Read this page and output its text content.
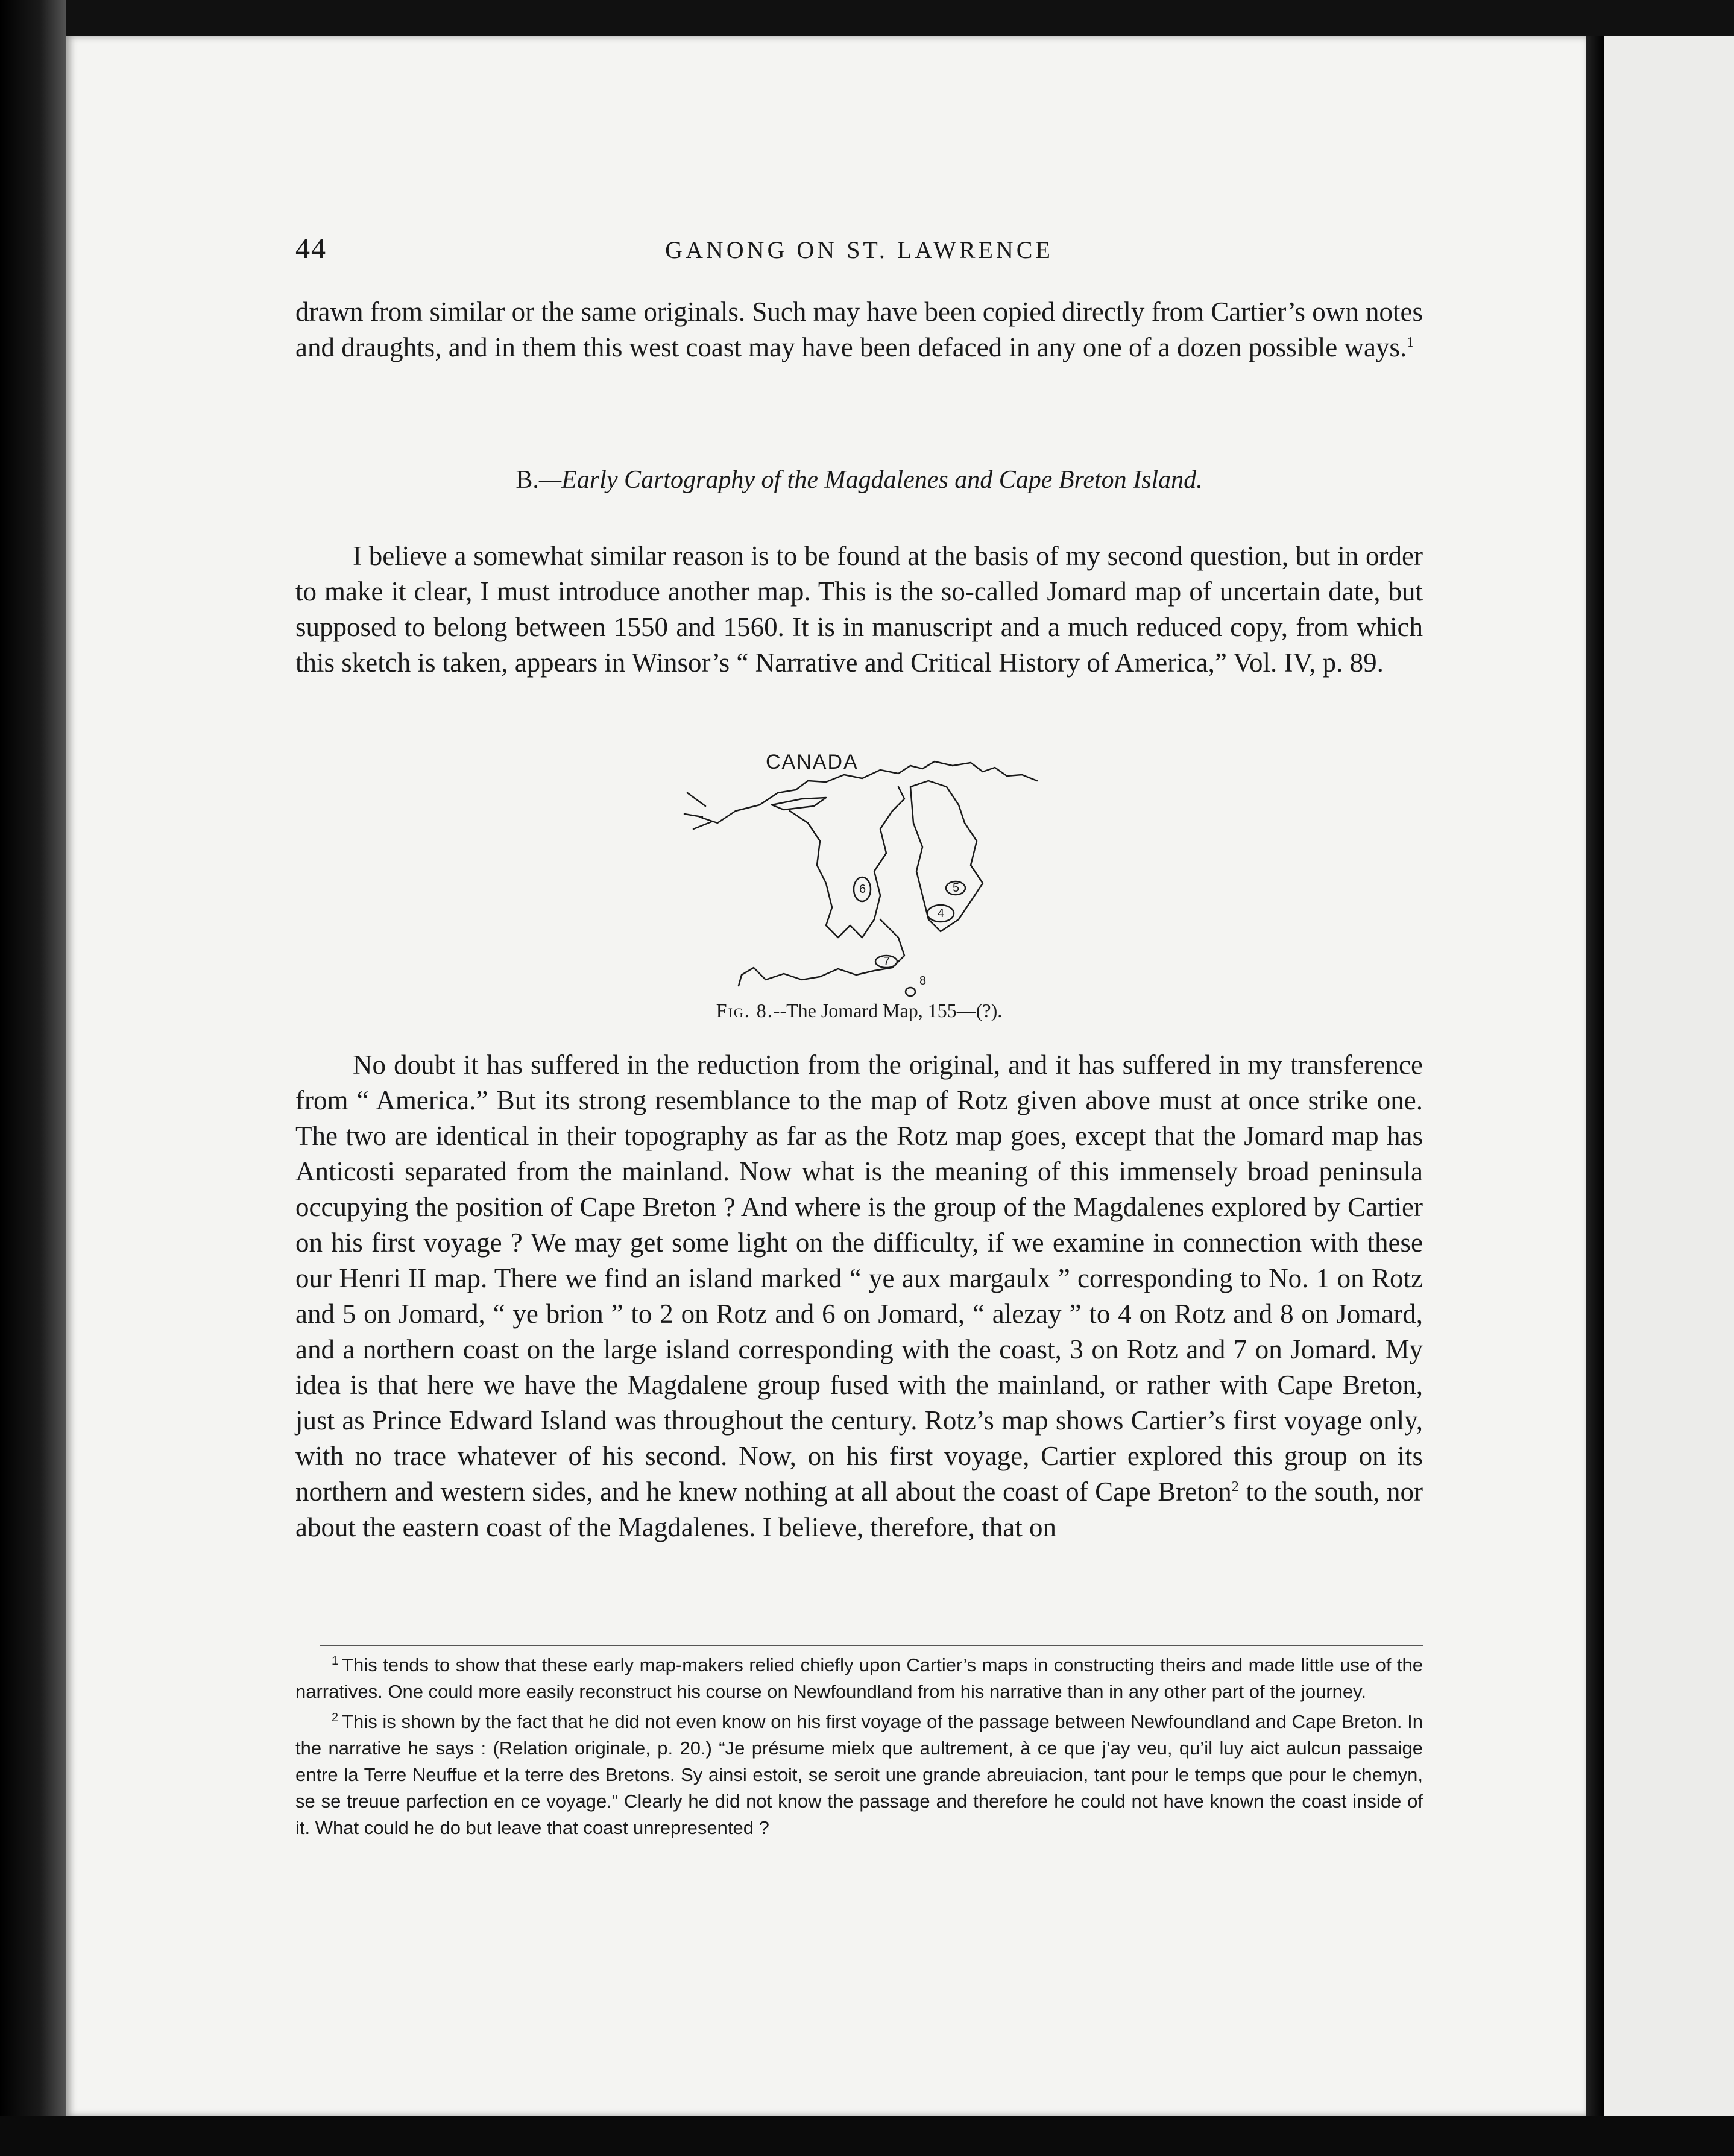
44	GANONG ON ST. LAWRENCE

drawn from similar or the same originals. Such may have been copied directly from Cartier’s own notes and draughts, and in them this west coast may have been defaced in any one of a dozen possible ways.$^1$

B.—Early Cartography of the Magdalenes and Cape Breton Island.

I believe a somewhat similar reason is to be found at the basis of my second question, but in order to make it clear, I must introduce another map. This is the so-called Jomard map of uncertain date, but supposed to belong between 1550 and 1560. It is in manuscript and a much reduced copy, from which this sketch is taken, appears in Winsor’s “ Narrative and Critical History of America,” Vol. IV, p. 89.

CANADA
4
5
6
7
8
Fig. 8.--The Jomard Map, 155—(?).

No doubt it has suffered in the reduction from the original, and it has suffered in my transference from “ America.” But its strong resemblance to the map of Rotz given above must at once strike one. The two are identical in their topography as far as the Rotz map goes, except that the Jomard map has Anticosti separated from the mainland. Now what is the meaning of this immensely broad peninsula occupying the position of Cape Breton ? And where is the group of the Magdalenes explored by Cartier on his first voyage ? We may get some light on the difficulty, if we examine in connection with these our Henri II map. There we find an island marked “ ye aux margaulx ” corresponding to No. 1 on Rotz and 5 on Jomard, “ ye brion ” to 2 on Rotz and 6 on Jomard, “ alezay ” to 4 on Rotz and 8 on Jomard, and a northern coast on the large island corresponding with the coast, 3 on Rotz and 7 on Jomard. My idea is that here we have the Magdalene group fused with the mainland, or rather with Cape Breton, just as Prince Edward Island was throughout the century. Rotz’s map shows Cartier’s first voyage only, with no trace whatever of his second. Now, on his first voyage, Cartier explored this group on its northern and western sides, and he knew nothing at all about the coast of Cape Breton$^2$ to the south, nor about the eastern coast of the Magdalenes. I believe, therefore, that on

$^1$ This tends to show that these early map-makers relied chiefly upon Cartier’s maps in constructing theirs and made little use of the narratives. One could more easily reconstruct his course on Newfoundland from his narrative than in any other part of the journey.

$^2$ This is shown by the fact that he did not even know on his first voyage of the passage between Newfoundland and Cape Breton. In the narrative he says : (Relation originale, p. 20.) “Je présume mielx que aultrement, à ce que j’ay veu, qu’il luy aict aulcun passaige entre la Terre Neuffue et la terre des Bretons. Sy ainsi estoit, se seroit une grande abreuiacion, tant pour le temps que pour le chemyn, se se treuue parfection en ce voyage.” Clearly he did not know the passage and therefore he could not have known the coast inside of it. What could he do but leave that coast unrepresented ?
